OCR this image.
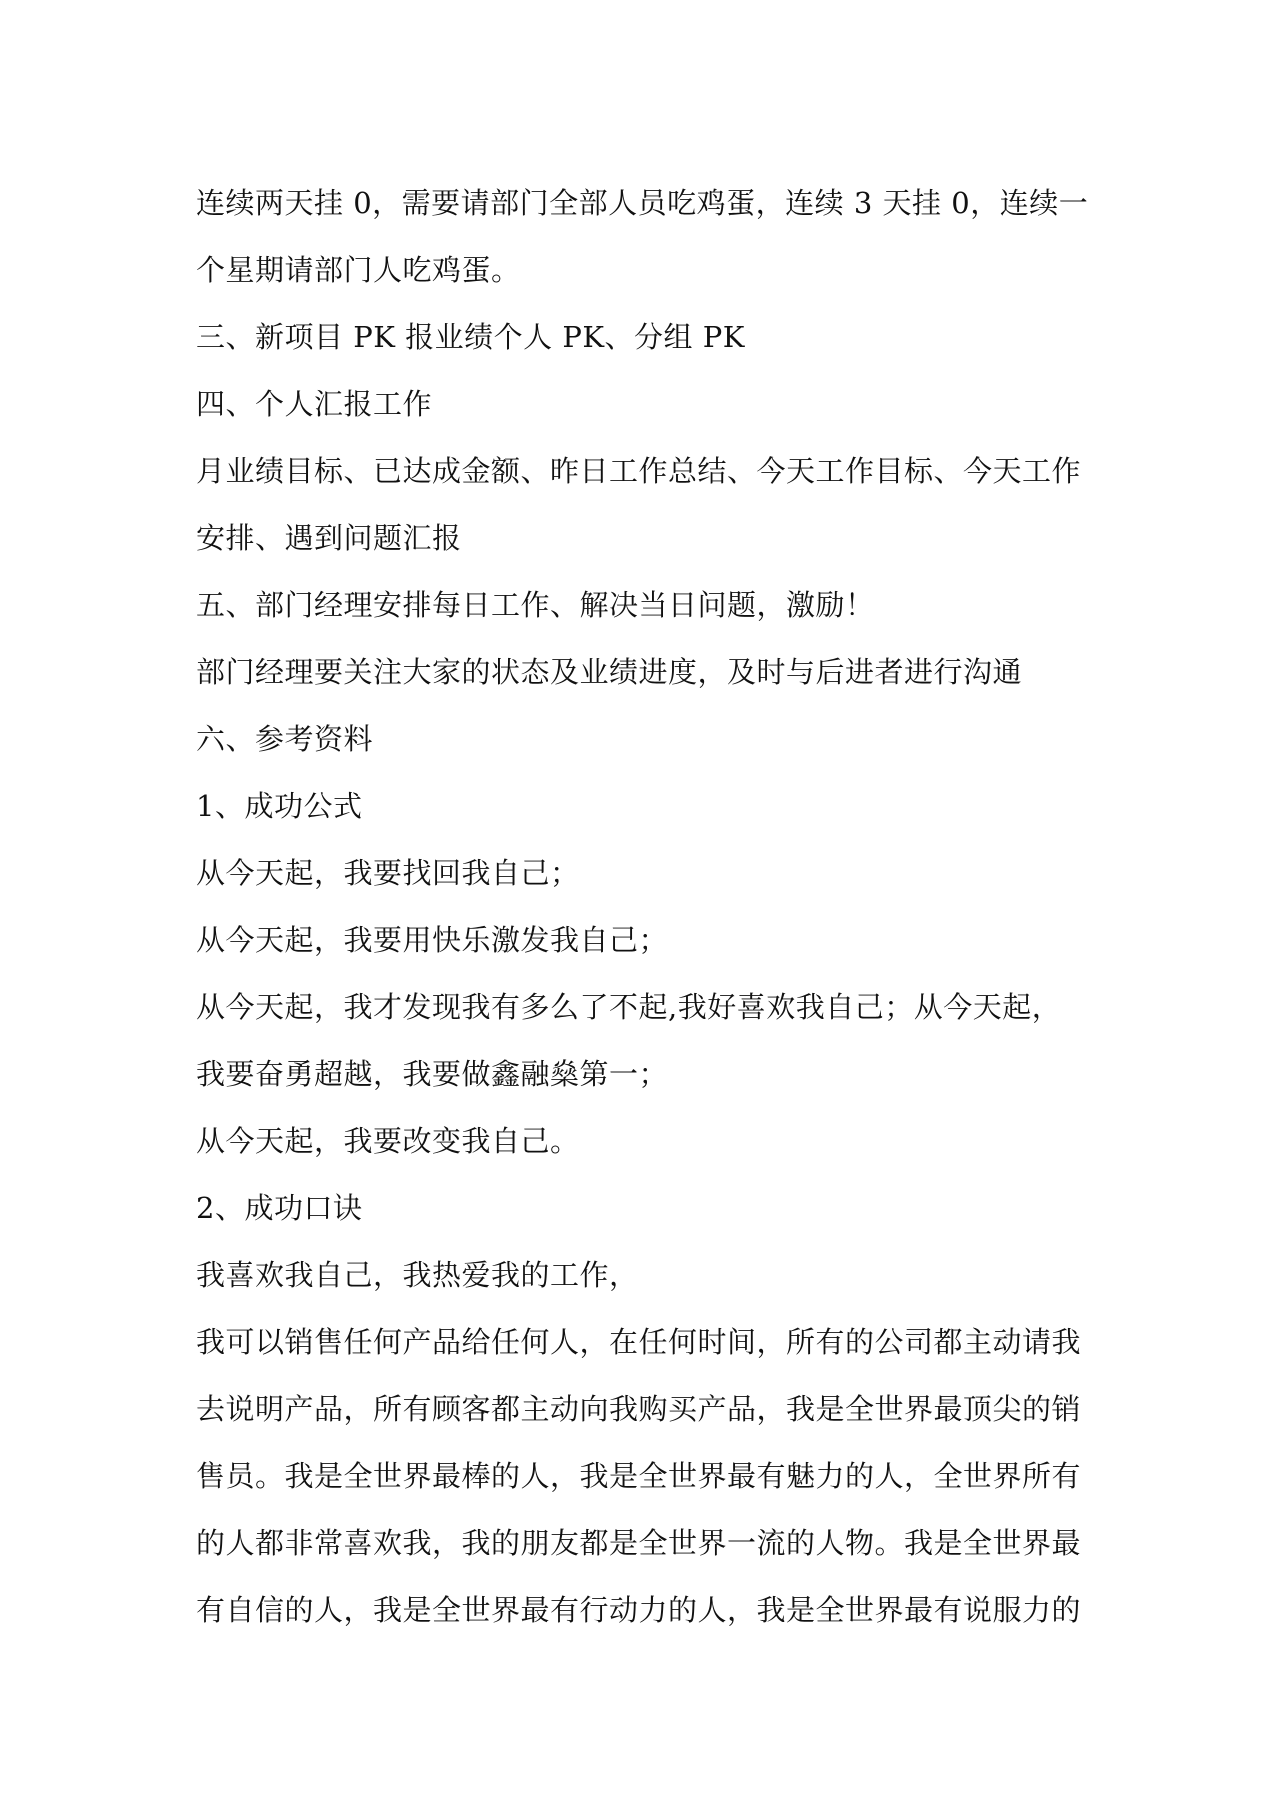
连续两天挂 0，需要请部门全部人员吃鸡蛋，连续 3 天挂 0，连续一
个星期请部门人吃鸡蛋。
三、新项目 PK 报业绩个人 PK、分组 PK
四、个人汇报工作
月业绩目标、已达成金额、昨日工作总结、今天工作目标、今天工作
安排、遇到问题汇报
五、部门经理安排每日工作、解决当日问题，激励！
部门经理要关注大家的状态及业绩进度，及时与后进者进行沟通
六、参考资料
1、成功公式
从今天起，我要找回我自己；
从今天起，我要用快乐激发我自己；
从今天起，我才发现我有多么了不起,我好喜欢我自己；从今天起，
我要奋勇超越，我要做鑫融燊第一；
从今天起，我要改变我自己。
2、成功口诀
我喜欢我自己，我热爱我的工作，
我可以销售任何产品给任何人，在任何时间，所有的公司都主动请我
去说明产品，所有顾客都主动向我购买产品，我是全世界最顶尖的销
售员。我是全世界最棒的人，我是全世界最有魅力的人，全世界所有
的人都非常喜欢我，我的朋友都是全世界一流的人物。我是全世界最
有自信的人，我是全世界最有行动力的人，我是全世界最有说服力的
